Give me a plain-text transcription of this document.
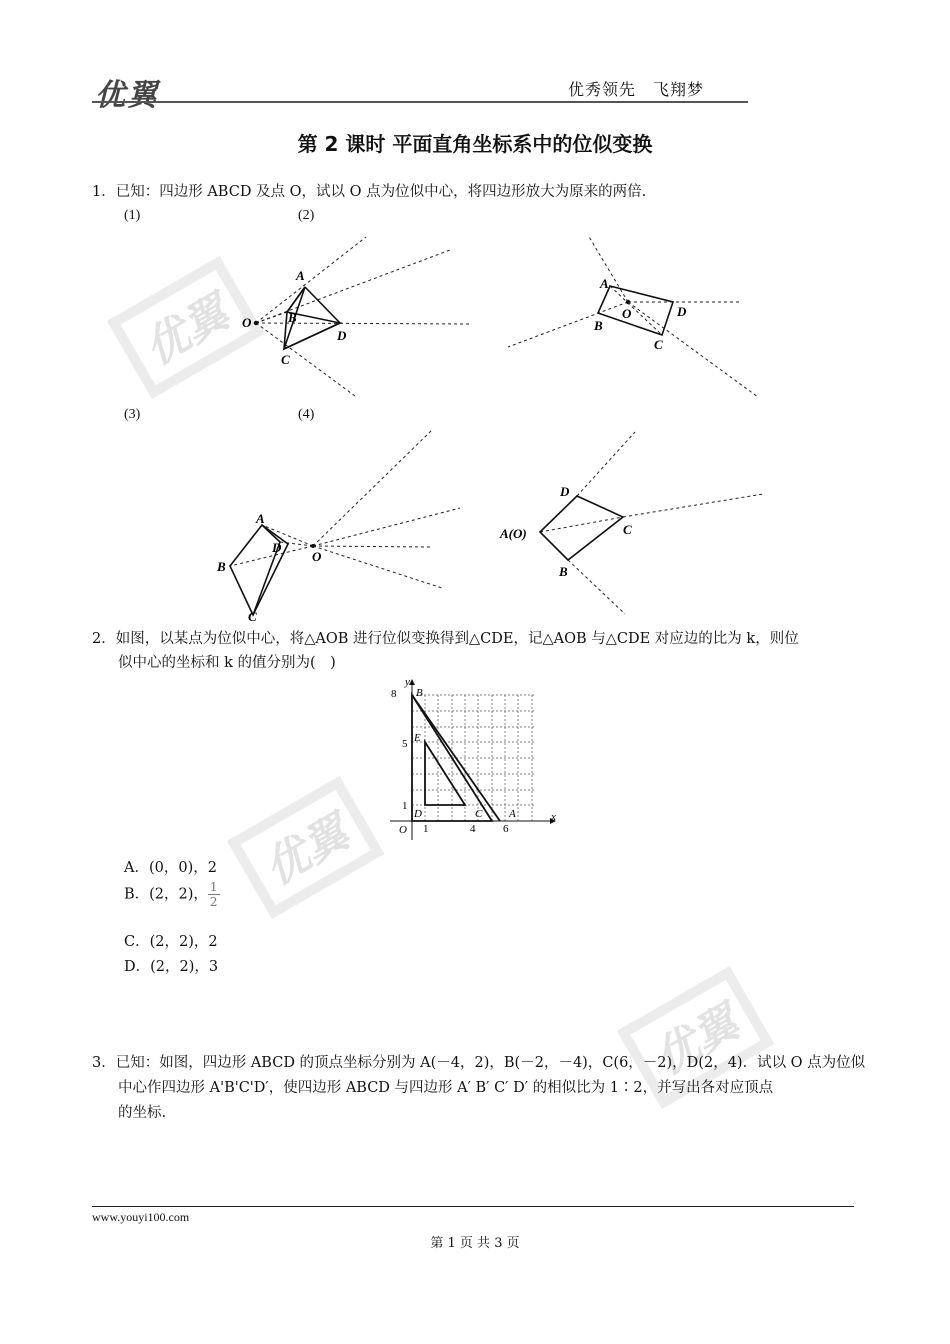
优翼	优秀领先　飞翔梦
优翼
优翼
优翼
第 2 课时 平面直角坐标系中的位似变换
1．已知：四边形 ABCD 及点 O，试以 O 点为位似中心，将四边形放大为原来的两倍.
(1)	(2)
(3)	(4)
A
B
C
D
O
A
B
C
D
O
A
B
C
D
O
A(O)
B
C
D
2．如图，以某点为位似中心，将△AOB 进行位似变换得到△CDE，记△AOB 与△CDE 对应边的比为 k，则位
似中心的坐标和 k 的值分别为(　)
8
5
1
O 1	4	6
x
y
B
E
D	C A
A．(0，0)，2
B．(2，2)， $\frac{1}{2}$
C．(2，2)，2
D．(2，2)，3
3．已知：如图，四边形 ABCD 的顶点坐标分别为 A(－4，2)，B(－2，－4)，C(6，－2)，D(2，4)．试以 O 点为位似
中心作四边形 A'B'C'D′，使四边形 ABCD 与四边形 A′ B′ C′ D′ 的相似比为 1∶2，并写出各对应顶点
的坐标.
www.youyi100.com
第 1 页 共 3 页
